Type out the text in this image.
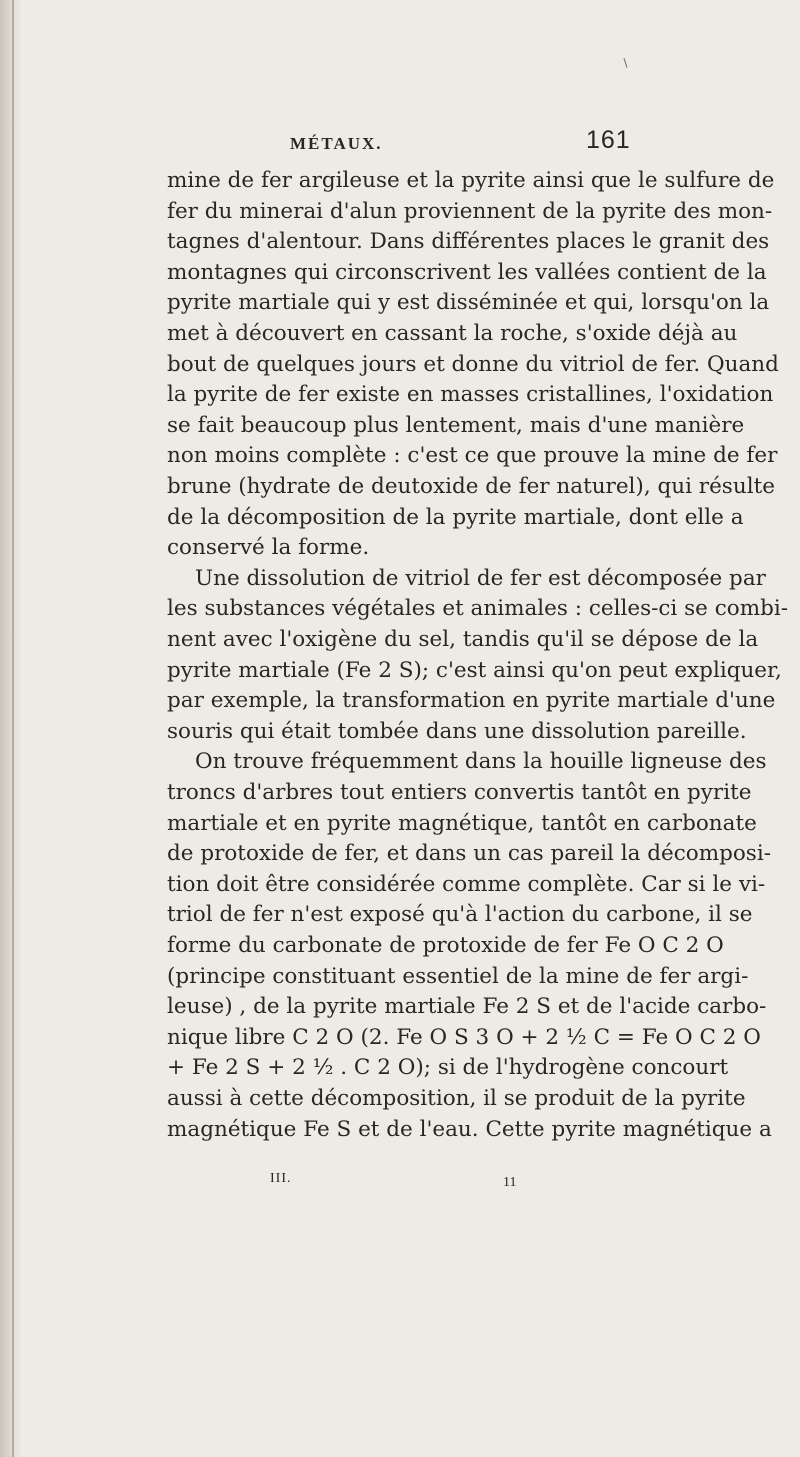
MÉTAUX.	161
mine de fer argileuse et la pyrite ainsi que le sulfure de
fer du minerai d'alun proviennent de la pyrite des mon-
tagnes d'alentour. Dans différentes places le granit des
montagnes qui circonscrivent les vallées contient de la
pyrite martiale qui y est disséminée et qui, lorsqu'on la
met à découvert en cassant la roche, s'oxide déjà au
bout de quelques jours et donne du vitriol de fer. Quand
la pyrite de fer existe en masses cristallines, l'oxidation
se fait beaucoup plus lentement, mais d'une manière
non moins complète : c'est ce que prouve la mine de fer
brune (hydrate de deutoxide de fer naturel), qui résulte
de la décomposition de la pyrite martiale, dont elle a
conservé la forme.
Une dissolution de vitriol de fer est décomposée par
les substances végétales et animales : celles-ci se combi-
nent avec l'oxigène du sel, tandis qu'il se dépose de la
pyrite martiale (Fe 2 S); c'est ainsi qu'on peut expliquer,
par exemple, la transformation en pyrite martiale d'une
souris qui était tombée dans une dissolution pareille.
On trouve fréquemment dans la houille ligneuse des
troncs d'arbres tout entiers convertis tantôt en pyrite
martiale et en pyrite magnétique, tantôt en carbonate
de protoxide de fer, et dans un cas pareil la décomposi-
tion doit être considérée comme complète. Car si le vi-
triol de fer n'est exposé qu'à l'action du carbone, il se
forme du carbonate de protoxide de fer Fe O C 2 O
(principe constituant essentiel de la mine de fer argi-
leuse) , de la pyrite martiale Fe 2 S et de l'acide carbo-
nique libre C 2 O (2. Fe O S 3 O + 2 ½ C = Fe O C 2 O
+ Fe 2 S + 2 ½ . C 2 O); si de l'hydrogène concourt
aussi à cette décomposition, il se produit de la pyrite
magnétique Fe S et de l'eau. Cette pyrite magnétique a
III.	11
